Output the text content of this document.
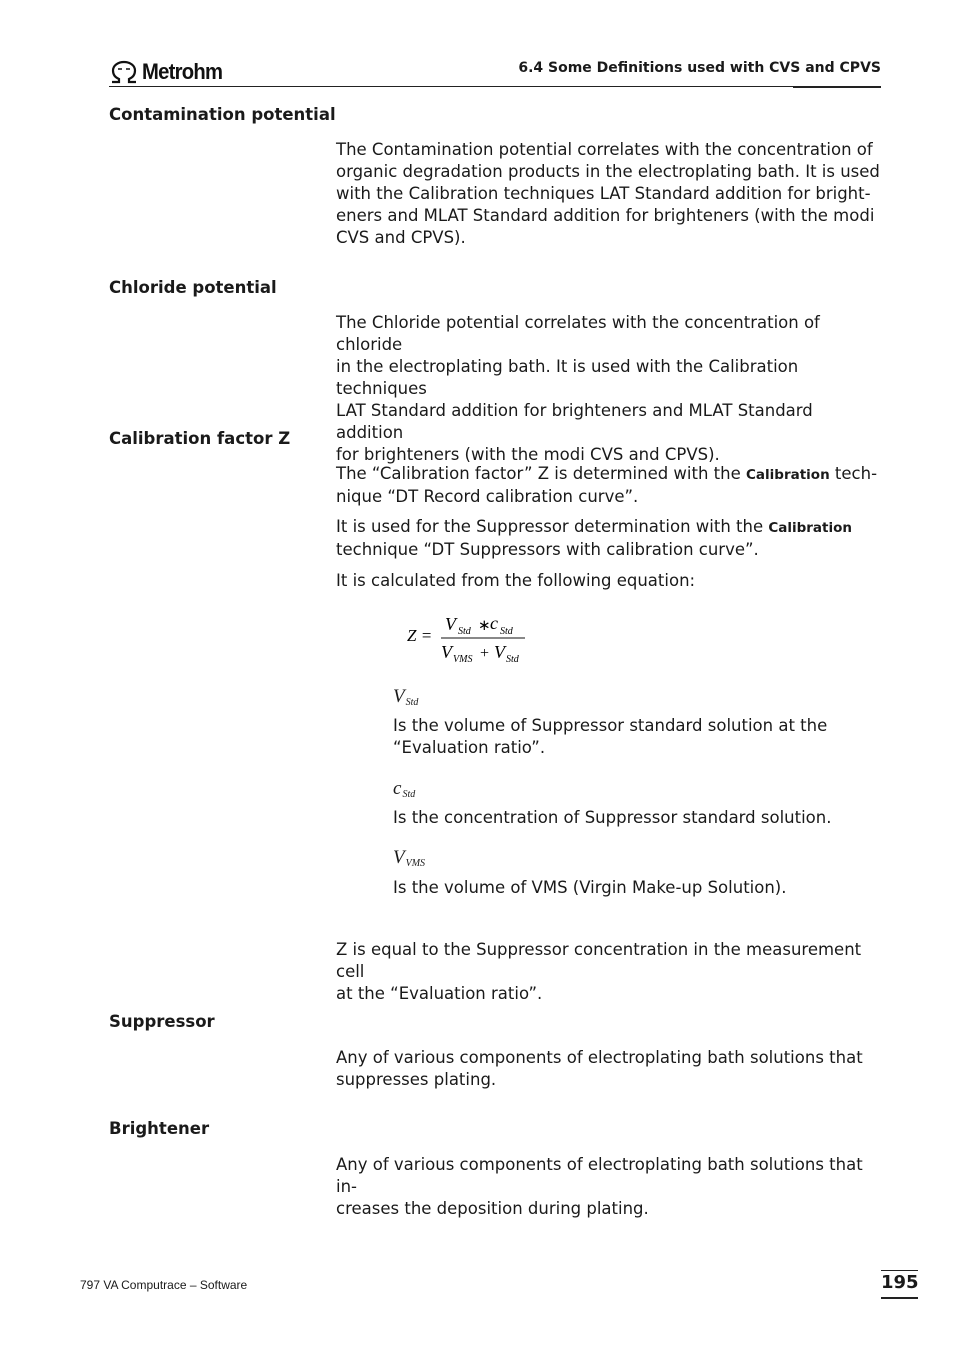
Metrohm	6.4 Some Definitions used with CVS and CPVS
Contamination potential
The Contamination potential correlates with the concentration of
organic degradation products in the electroplating bath. It is used
with the Calibration techniques LAT Standard addition for bright-
eners and MLAT Standard addition for brighteners (with the modi
CVS and CPVS).
Chloride potential
The Chloride potential correlates with the concentration of chloride
in the electroplating bath. It is used with the Calibration techniques
LAT Standard addition for brighteners and MLAT Standard addition
for brighteners (with the modi CVS and CPVS).
Calibration factor Z
The “Calibration factor” Z is determined with the Calibration tech-
nique “DT Record calibration curve”.
It is used for the Suppressor determination with the Calibration
technique “DT Suppressors with calibration curve”.
It is calculated from the following equation:
Z =
V Std ∗ c Std
V VMS + V Std
$V_{Std}$
Is the volume of Suppressor standard solution at the
“Evaluation ratio”.
$c_{Std}$
Is the concentration of Suppressor standard solution.
$V_{VMS}$
Is the volume of VMS (Virgin Make-up Solution).
Z is equal to the Suppressor concentration in the measurement cell
at the “Evaluation ratio”.
Suppressor
Any of various components of electroplating bath solutions that
suppresses plating.
Brightener
Any of various components of electroplating bath solutions that in-
creases the deposition during plating.
797 VA Computrace – Software	195
